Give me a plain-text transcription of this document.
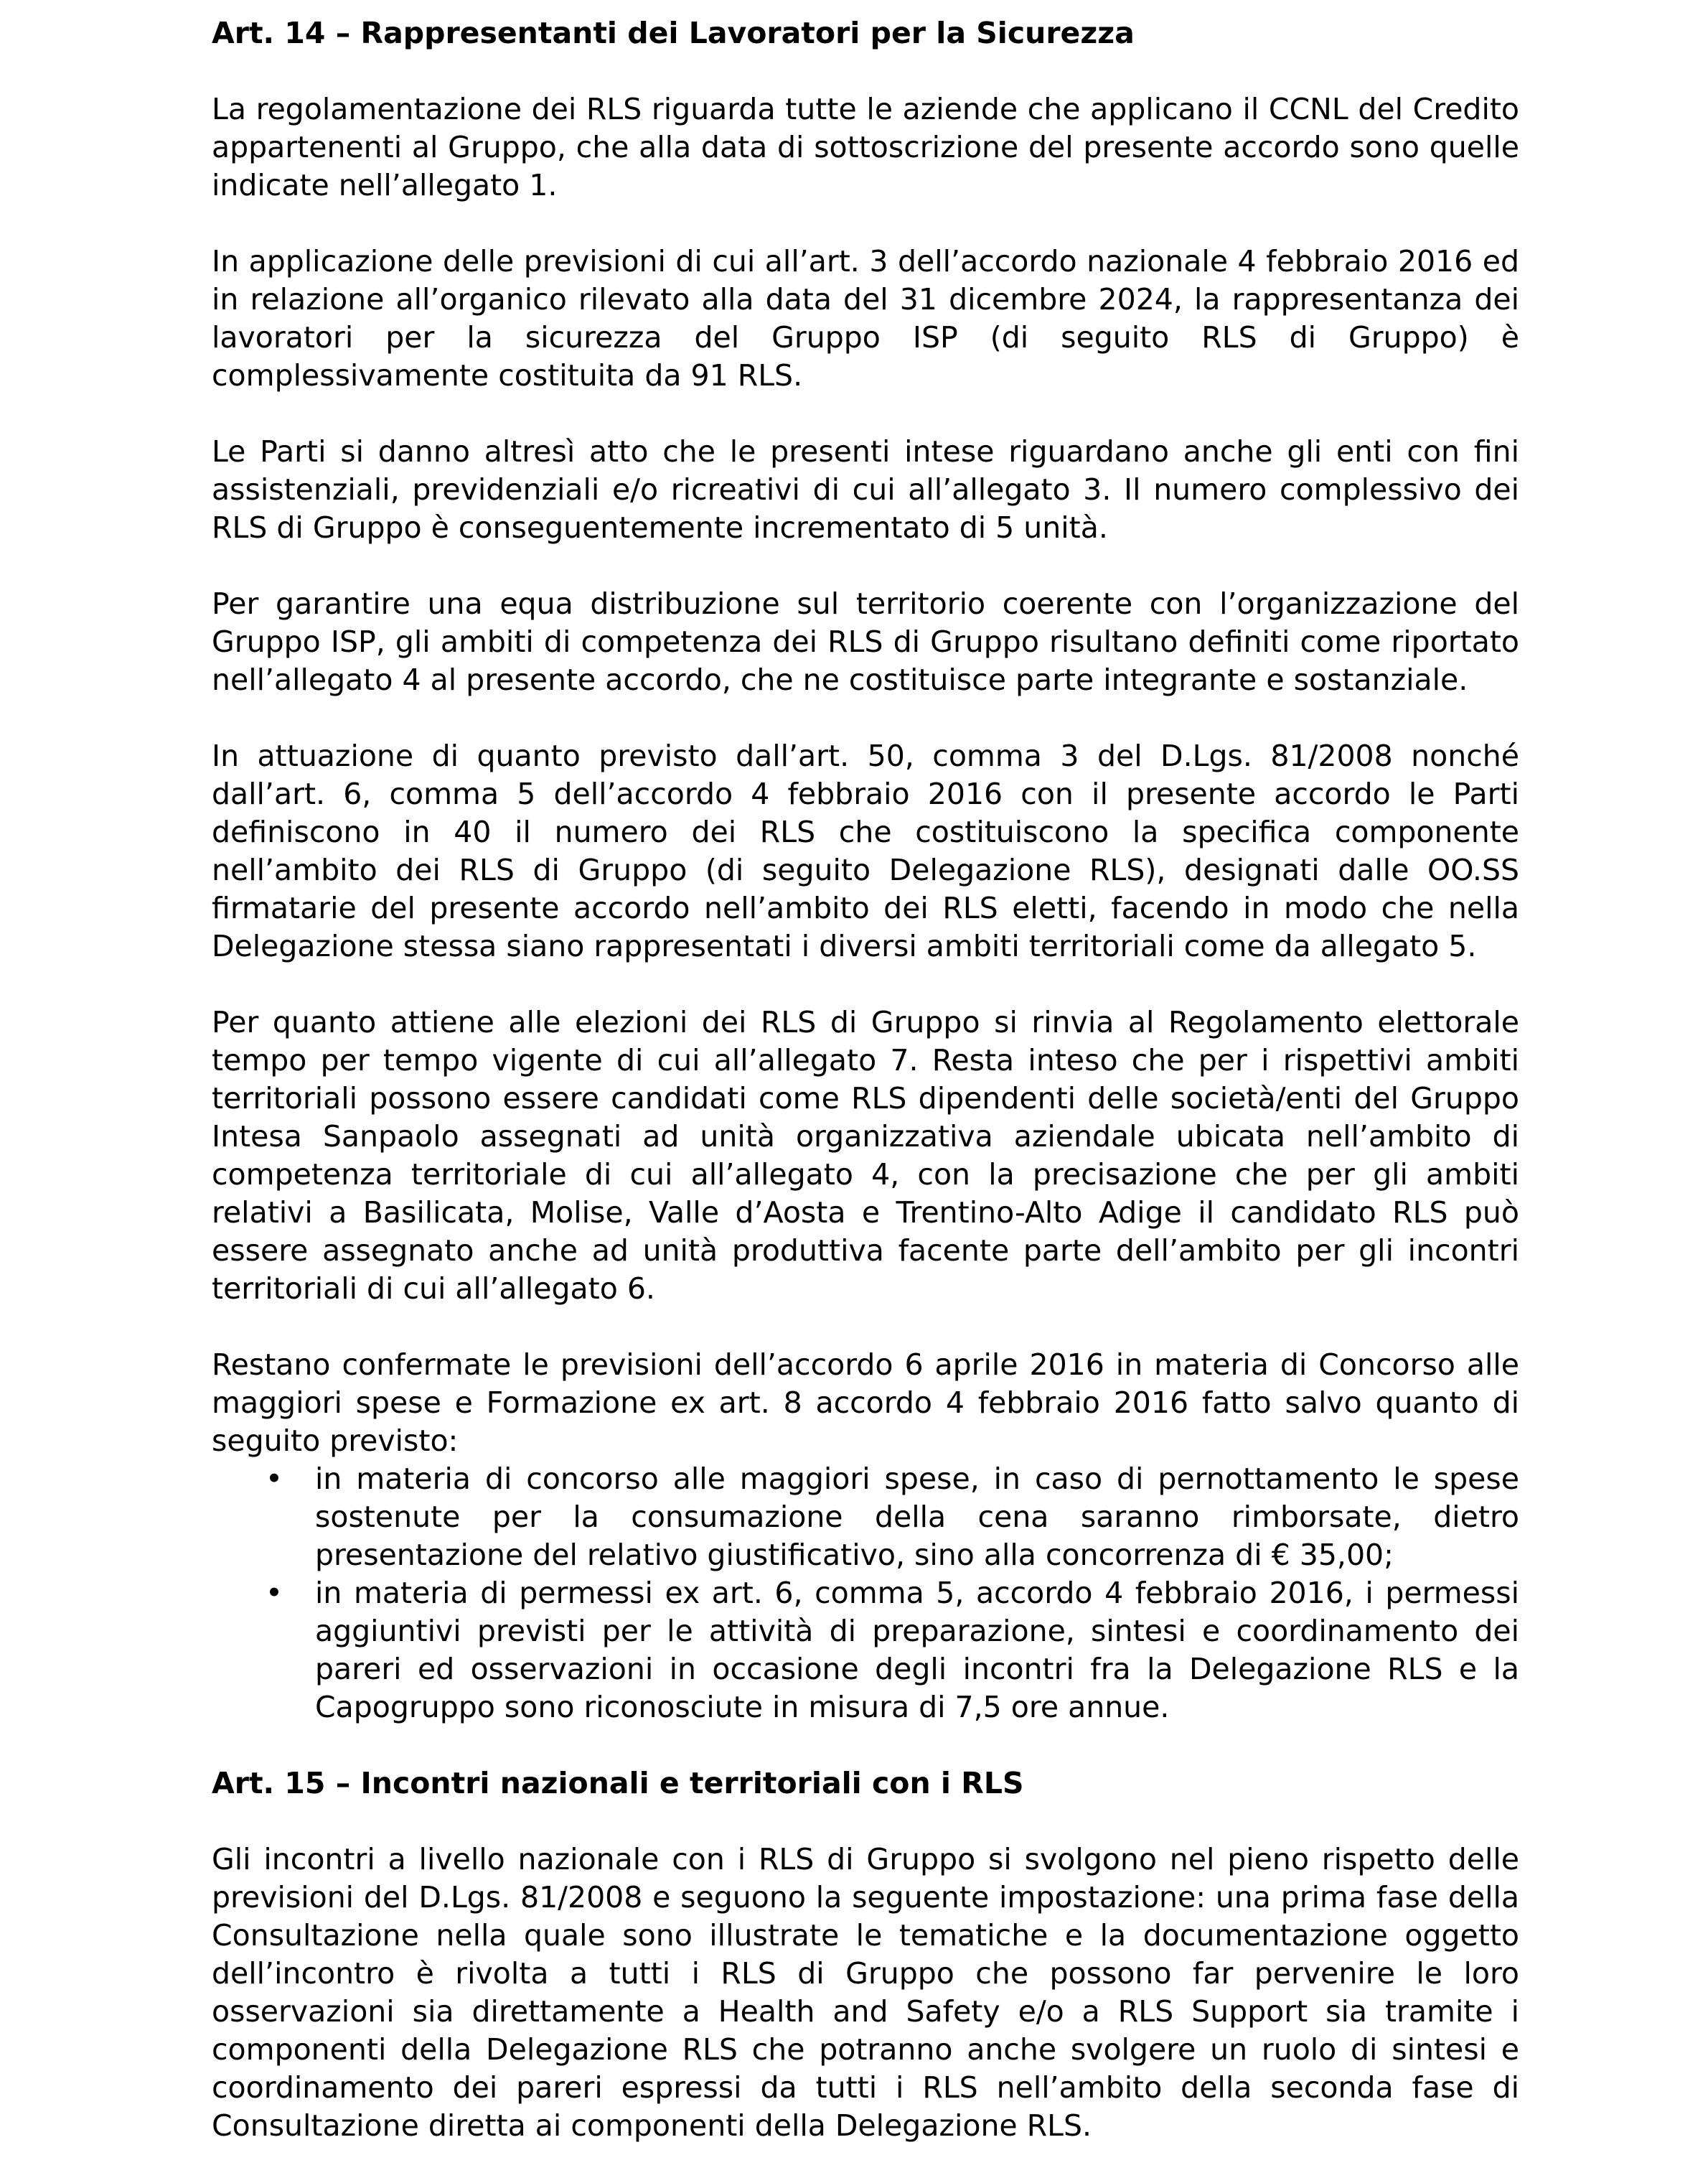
Art. 14 – Rappresentanti dei Lavoratori per la Sicurezza

La regolamentazione dei RLS riguarda tutte le aziende che applicano il CCNL del Credito appartenenti al Gruppo, che alla data di sottoscrizione del presente accordo sono quelle indicate nell’allegato 1.

In applicazione delle previsioni di cui all’art. 3 dell’accordo nazionale 4 febbraio 2016 ed in relazione all’organico rilevato alla data del 31 dicembre 2024, la rappresentanza dei lavoratori per la sicurezza del Gruppo ISP (di seguito RLS di Gruppo) è complessivamente costituita da 91 RLS.

Le Parti si danno altresì atto che le presenti intese riguardano anche gli enti con fini assistenziali, previdenziali e/o ricreativi di cui all’allegato 3. Il numero complessivo dei RLS di Gruppo è conseguentemente incrementato di 5 unità.

Per garantire una equa distribuzione sul territorio coerente con l’organizzazione del Gruppo ISP, gli ambiti di competenza dei RLS di Gruppo risultano definiti come riportato nell’allegato 4 al presente accordo, che ne costituisce parte integrante e sostanziale.

In attuazione di quanto previsto dall’art. 50, comma 3 del D.Lgs. 81/2008 nonché dall’art. 6, comma 5 dell’accordo 4 febbraio 2016 con il presente accordo le Parti definiscono in 40 il numero dei RLS che costituiscono la specifica componente nell’ambito dei RLS di Gruppo (di seguito Delegazione RLS), designati dalle OO.SS firmatarie del presente accordo nell’ambito dei RLS eletti, facendo in modo che nella Delegazione stessa siano rappresentati i diversi ambiti territoriali come da allegato 5.

Per quanto attiene alle elezioni dei RLS di Gruppo si rinvia al Regolamento elettorale tempo per tempo vigente di cui all’allegato 7. Resta inteso che per i rispettivi ambiti territoriali possono essere candidati come RLS dipendenti delle società/enti del Gruppo Intesa Sanpaolo assegnati ad unità organizzativa aziendale ubicata nell’ambito di competenza territoriale di cui all’allegato 4, con la precisazione che per gli ambiti relativi a Basilicata, Molise, Valle d’Aosta e Trentino-Alto Adige il candidato RLS può essere assegnato anche ad unità produttiva facente parte dell’ambito per gli incontri territoriali di cui all’allegato 6.

Restano confermate le previsioni dell’accordo 6 aprile 2016 in materia di Concorso alle maggiori spese e Formazione ex art. 8 accordo 4 febbraio 2016 fatto salvo quanto di seguito previsto:

• in materia di concorso alle maggiori spese, in caso di pernottamento le spese sostenute per la consumazione della cena saranno rimborsate, dietro presentazione del relativo giustificativo, sino alla concorrenza di € 35,00;
• in materia di permessi ex art. 6, comma 5, accordo 4 febbraio 2016, i permessi aggiuntivi previsti per le attività di preparazione, sintesi e coordinamento dei pareri ed osservazioni in occasione degli incontri fra la Delegazione RLS e la Capogruppo sono riconosciute in misura di 7,5 ore annue.
Art. 15 – Incontri nazionali e territoriali con i RLS

Gli incontri a livello nazionale con i RLS di Gruppo si svolgono nel pieno rispetto delle previsioni del D.Lgs. 81/2008 e seguono la seguente impostazione: una prima fase della Consultazione nella quale sono illustrate le tematiche e la documentazione oggetto dell’incontro è rivolta a tutti i RLS di Gruppo che possono far pervenire le loro osservazioni sia direttamente a Health and Safety e/o a RLS Support sia tramite i componenti della Delegazione RLS che potranno anche svolgere un ruolo di sintesi e coordinamento dei pareri espressi da tutti i RLS nell’ambito della seconda fase di Consultazione diretta ai componenti della Delegazione RLS.
